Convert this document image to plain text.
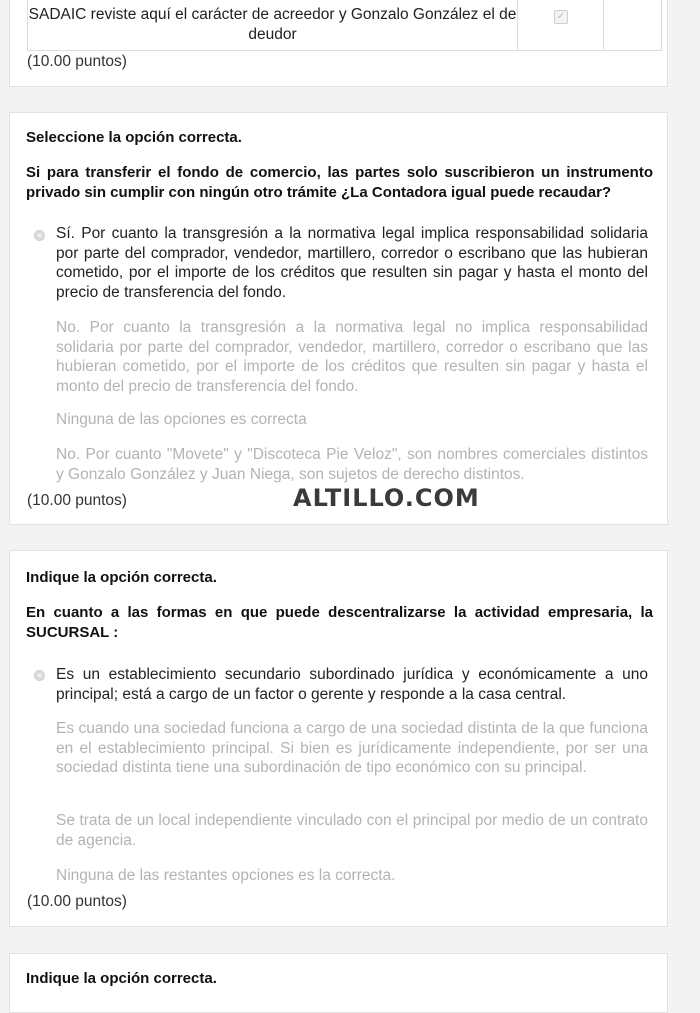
SADAIC reviste aquí el carácter de acreedor y Gonzalo González el de deudor
✓
(10.00 puntos)
Seleccione la opción correcta.
Si para transferir el fondo de comercio, las partes solo suscribieron un instrumento privado sin cumplir con ningún otro trámite ¿La Contadora igual puede recaudar?
Sí. Por cuanto la transgresión a la normativa legal implica responsabilidad solidaria por parte del comprador, vendedor, martillero, corredor o escribano que las hubieran cometido, por el importe de los créditos que resulten sin pagar y hasta el monto del precio de transferencia del fondo.
No. Por cuanto la transgresión a la normativa legal no implica responsabilidad solidaria por parte del comprador, vendedor, martillero, corredor o escribano que las hubieran cometido, por el importe de los créditos que resulten sin pagar y hasta el monto del precio de transferencia del fondo.
Ninguna de las opciones es correcta
No. Por cuanto "Movete" y "Discoteca Pie Veloz", son nombres comerciales distintos y Gonzalo González y Juan Niega, son sujetos de derecho distintos.
(10.00 puntos)	ALTILLO.COM
Indique la opción correcta.
En cuanto a las formas en que puede descentralizarse la actividad empresaria, la SUCURSAL :
Es un establecimiento secundario subordinado jurídica y económicamente a uno principal; está a cargo de un factor o gerente y responde a la casa central.
Es cuando una sociedad funciona a cargo de una sociedad distinta de la que funciona en el establecimiento principal. Si bien es jurídicamente independiente, por ser una sociedad distinta tiene una subordinación de tipo económico con su principal.
Se trata de un local independiente vinculado con el principal por medio de un contrato de agencia.
Ninguna de las restantes opciones es la correcta.
(10.00 puntos)
Indique la opción correcta.
